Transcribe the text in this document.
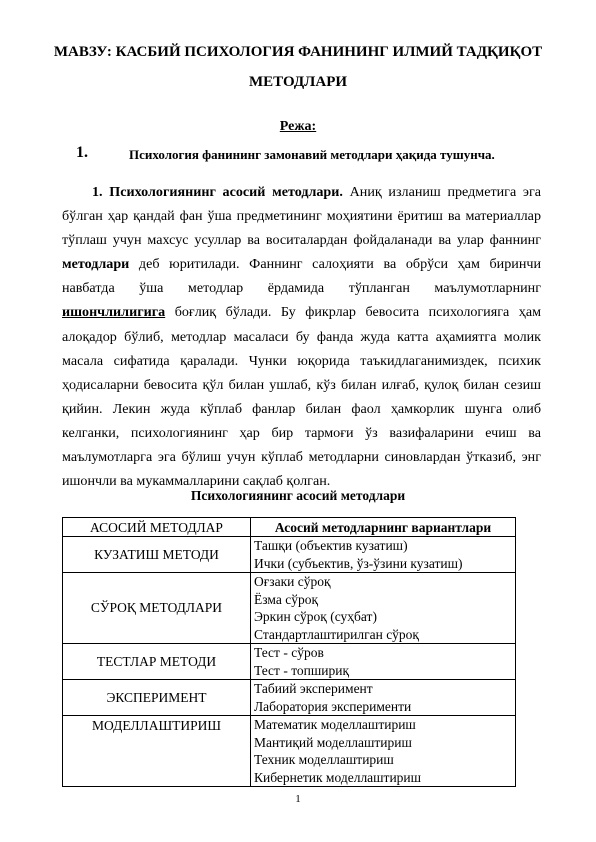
МАВЗУ: КАСБИЙ ПСИХОЛОГИЯ ФАНИНИНГ ИЛМИЙ ТАДҚИҚОТ
МЕТОДЛАРИ
Режа:
1.	Психология фанининг замонавий методлари ҳақида тушунча.
1. Психологиянинг асосий методлари. Аниқ изланиш предметига эга бўлган ҳар қандай фан ўша предметининг моҳиятини ёритиш ва материаллар тўплаш учун махсус усуллар ва воситалардан фойдаланади ва улар фаннинг методлари деб юритилади. Фаннинг салоҳияти ва обрўси ҳам биринчи навбатда ўша методлар ёрдамида тўпланган маълумотларнинг ишончлилигига боғлиқ бўлади. Бу фикрлар бевосита психологияга ҳам алоқадор бўлиб, методлар масаласи бу фанда жуда катта аҳамиятга молик масала сифатида қаралади. Чунки юқорида таъкидлаганимиздек, психик ҳодисаларни бевосита қўл билан ушлаб, кўз билан илғаб, қулоқ билан сезиш қийин. Лекин жуда кўплаб фанлар билан фаол ҳамкорлик шунга олиб келганки, психологиянинг ҳар бир тармоғи ўз вазифаларини ечиш ва маълумотларга эга бўлиш учун кўплаб методларни синовлардан ўтказиб, энг ишончли ва мукаммалларини сақлаб қолган.
Психологиянинг асосий методлари
АСОСИЙ МЕТОДЛАР	Асосий методларнинг вариантлари
КУЗАТИШ МЕТОДИ	Ташқи (объектив кузатиш)
Ички (субъектив, ўз-ўзини кузатиш)

СЎРОҚ МЕТОДЛАРИ	Оғзаки сўроқ
Ёзма сўроқ
Эркин сўроқ (суҳбат)
Стандартлаштирилган сўроқ

ТЕСТЛАР МЕТОДИ	Тест - сўров
Тест - топшириқ

ЭКСПЕРИМЕНТ	Табиий эксперимент
Лаборатория эксперименти

МОДЕЛЛАШТИРИШ	Математик моделлаштириш
Мантиқий моделлаштириш
Техник моделлаштириш
Кибернетик моделлаштириш
1
